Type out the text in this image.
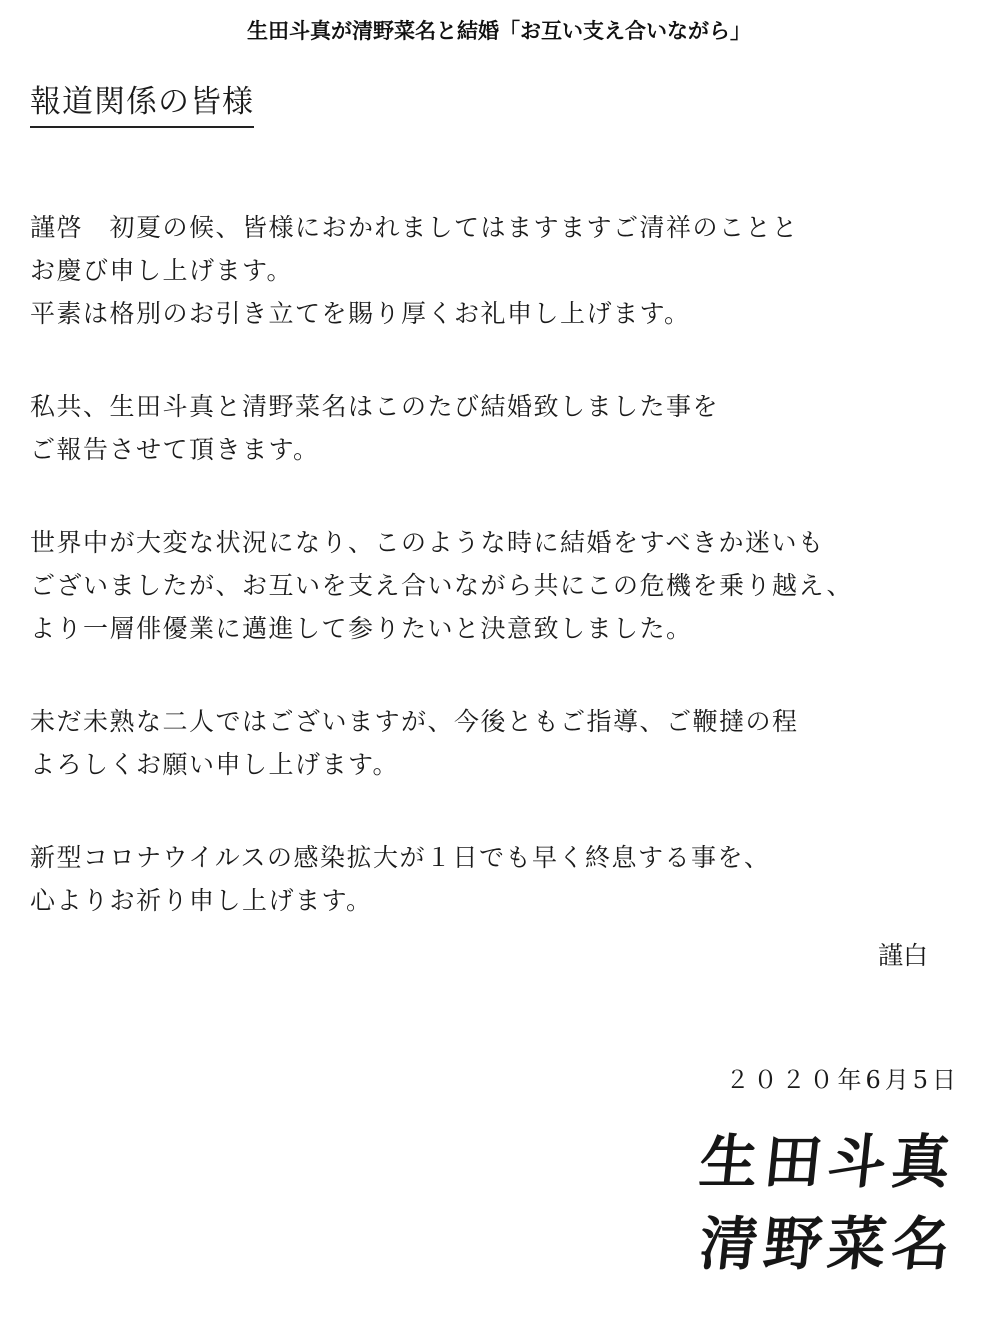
生田斗真が清野菜名と結婚「お互い支え合いながら」
報道関係の皆様

謹啓　初夏の候、皆様におかれましてはますますご清祥のことと
お慶び申し上げます。
平素は格別のお引き立てを賜り厚くお礼申し上げます。

私共、生田斗真と清野菜名はこのたび結婚致しました事を
ご報告させて頂きます。

世界中が大変な状況になり、このような時に結婚をすべきか迷いも
ございましたが、お互いを支え合いながら共にこの危機を乗り越え、
より一層俳優業に邁進して参りたいと決意致しました。

未だ未熟な二人ではございますが、今後ともご指導、ご鞭撻の程
よろしくお願い申し上げます。

新型コロナウイルスの感染拡大が１日でも早く終息する事を、
心よりお祈り申し上げます。

謹白
２０２０年6月5日
生田斗真
清野菜名
